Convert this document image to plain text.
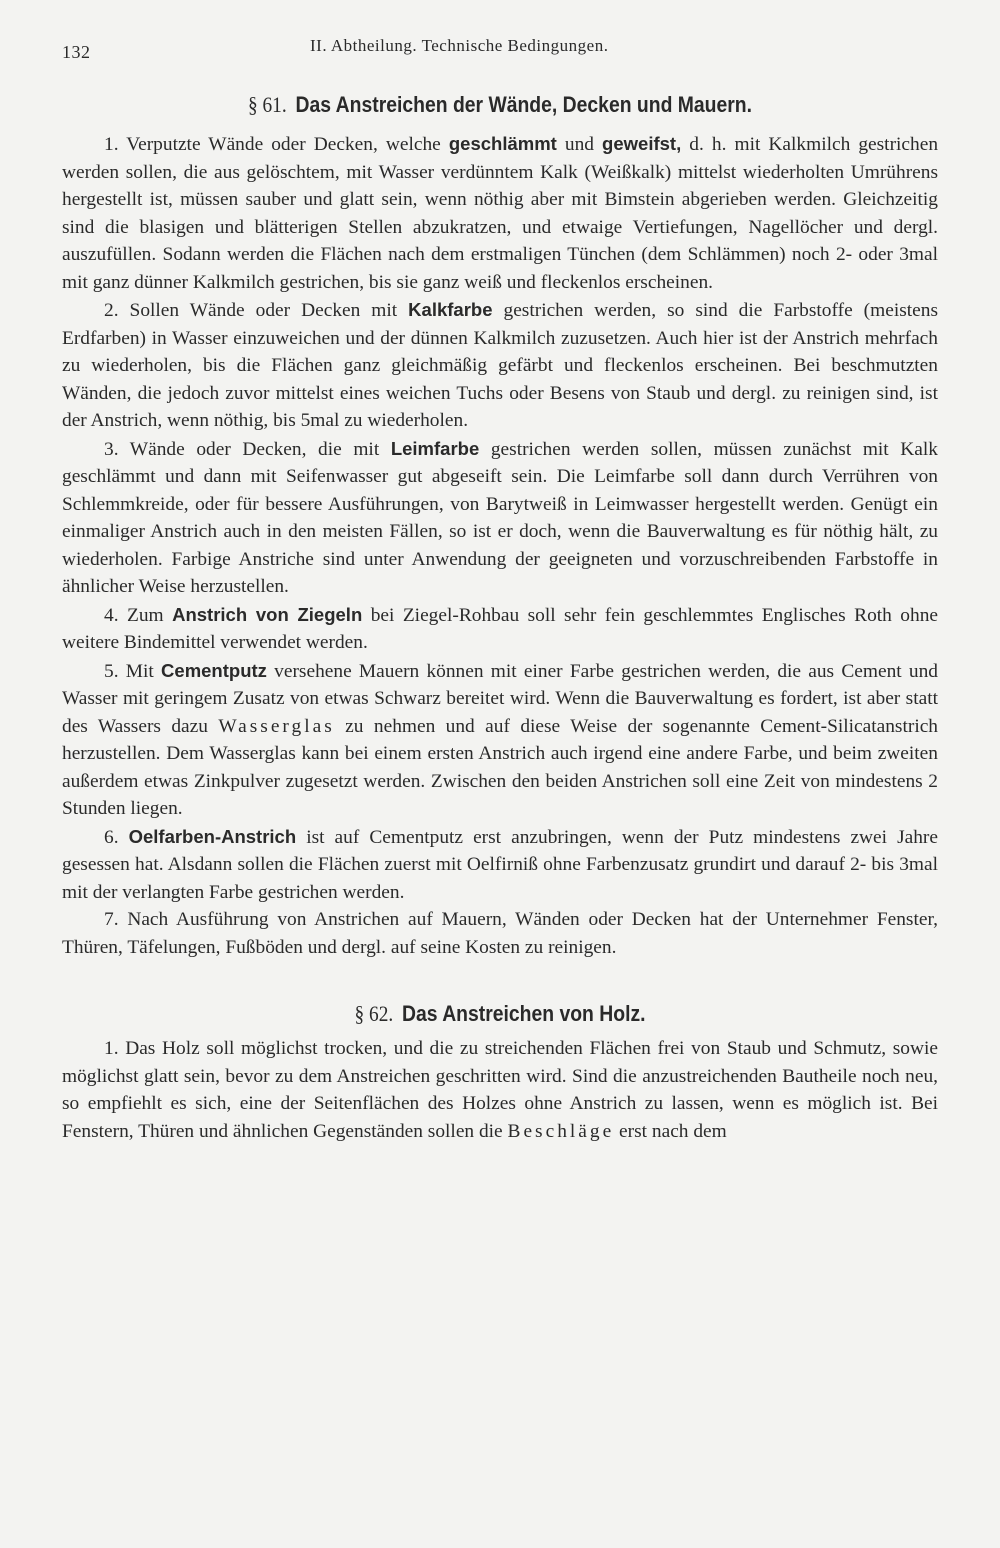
132	II. Abtheilung. Technische Bedingungen.
§ 61. Das Anstreichen der Wände, Decken und Mauern.

1. Verputzte Wände oder Decken, welche geschlämmt und geweifst, d. h. mit Kalkmilch gestrichen werden sollen, die aus gelöschtem, mit Wasser verdünntem Kalk (Weißkalk) mittelst wiederholten Umrührens hergestellt ist, müssen sauber und glatt sein, wenn nöthig aber mit Bimstein abgerieben werden. Gleichzeitig sind die blasigen und blätterigen Stellen abzukratzen, und etwaige Vertiefungen, Nagellöcher und dergl. auszufüllen. Sodann werden die Flächen nach dem erstmaligen Tünchen (dem Schlämmen) noch 2- oder 3mal mit ganz dünner Kalkmilch gestrichen, bis sie ganz weiß und fleckenlos erscheinen.

2. Sollen Wände oder Decken mit Kalkfarbe gestrichen werden, so sind die Farbstoffe (meistens Erdfarben) in Wasser einzuweichen und der dünnen Kalkmilch zuzusetzen. Auch hier ist der Anstrich mehrfach zu wiederholen, bis die Flächen ganz gleichmäßig gefärbt und fleckenlos erscheinen. Bei beschmutzten Wänden, die jedoch zuvor mittelst eines weichen Tuchs oder Besens von Staub und dergl. zu reinigen sind, ist der Anstrich, wenn nöthig, bis 5mal zu wiederholen.

3. Wände oder Decken, die mit Leimfarbe gestrichen werden sollen, müssen zunächst mit Kalk geschlämmt und dann mit Seifenwasser gut abgeseift sein. Die Leimfarbe soll dann durch Verrühren von Schlemmkreide, oder für bessere Ausführungen, von Barytweiß in Leimwasser hergestellt werden. Genügt ein einmaliger Anstrich auch in den meisten Fällen, so ist er doch, wenn die Bauverwaltung es für nöthig hält, zu wiederholen. Farbige Anstriche sind unter Anwendung der geeigneten und vorzuschreibenden Farbstoffe in ähnlicher Weise herzustellen.

4. Zum Anstrich von Ziegeln bei Ziegel-Rohbau soll sehr fein geschlemmtes Englisches Roth ohne weitere Bindemittel verwendet werden.

5. Mit Cementputz versehene Mauern können mit einer Farbe gestrichen werden, die aus Cement und Wasser mit geringem Zusatz von etwas Schwarz bereitet wird. Wenn die Bauverwaltung es fordert, ist aber statt des Wassers dazu Wasserglas zu nehmen und auf diese Weise der sogenannte Cement-Silicatanstrich herzustellen. Dem Wasserglas kann bei einem ersten Anstrich auch irgend eine andere Farbe, und beim zweiten außerdem etwas Zinkpulver zugesetzt werden. Zwischen den beiden Anstrichen soll eine Zeit von mindestens 2 Stunden liegen.

6. Oelfarben-Anstrich ist auf Cementputz erst anzubringen, wenn der Putz mindestens zwei Jahre gesessen hat. Alsdann sollen die Flächen zuerst mit Oelfirniß ohne Farbenzusatz grundirt und darauf 2- bis 3mal mit der verlangten Farbe gestrichen werden.

7. Nach Ausführung von Anstrichen auf Mauern, Wänden oder Decken hat der Unternehmer Fenster, Thüren, Täfelungen, Fußböden und dergl. auf seine Kosten zu reinigen.

§ 62. Das Anstreichen von Holz.

1. Das Holz soll möglichst trocken, und die zu streichenden Flächen frei von Staub und Schmutz, sowie möglichst glatt sein, bevor zu dem Anstreichen geschritten wird. Sind die anzustreichenden Bautheile noch neu, so empfiehlt es sich, eine der Seitenflächen des Holzes ohne Anstrich zu lassen, wenn es möglich ist. Bei Fenstern, Thüren und ähnlichen Gegenständen sollen die Beschläge erst nach dem
